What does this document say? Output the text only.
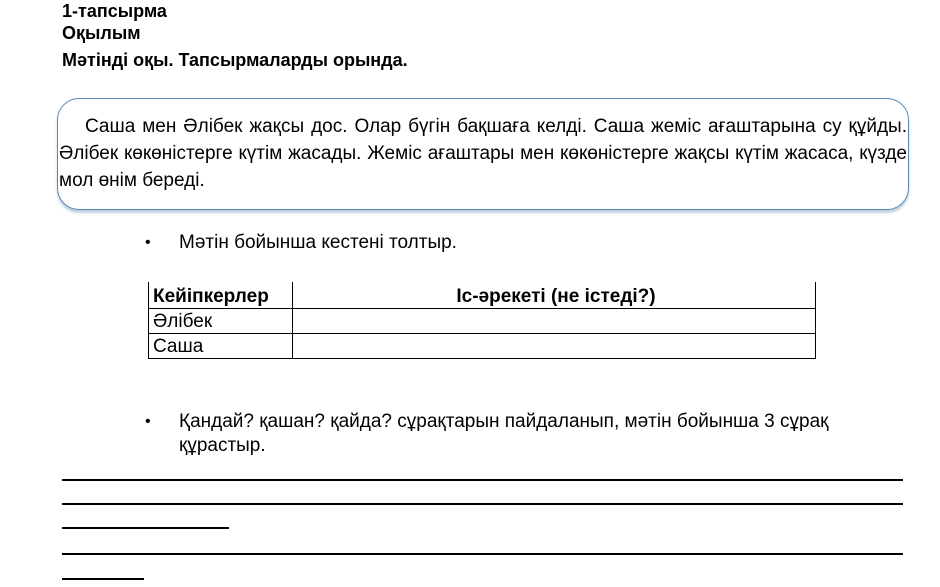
1-тапсырма
Оқылым
Мәтінді оқы. Тапсырмаларды орында.

Саша мен Әлібек жақсы дос. Олар бүгін бақшаға келді. Саша жеміс ағаштарына су құйды. Әлібек көкөністерге күтім жасады. Жеміс ағаштары мен көкөністерге жақсы күтім жасаса, күзде мол өнім береді.

•	Мәтін бойынша кестені толтыр.
Кейіпкерлер	Іс-әрекеті (не істеді?)
Әлібек	
Саша	
•	Қандай? қашан? қайда? сұрақтарын пайдаланып, мәтін бойынша 3 сұрақ құрастыр.
